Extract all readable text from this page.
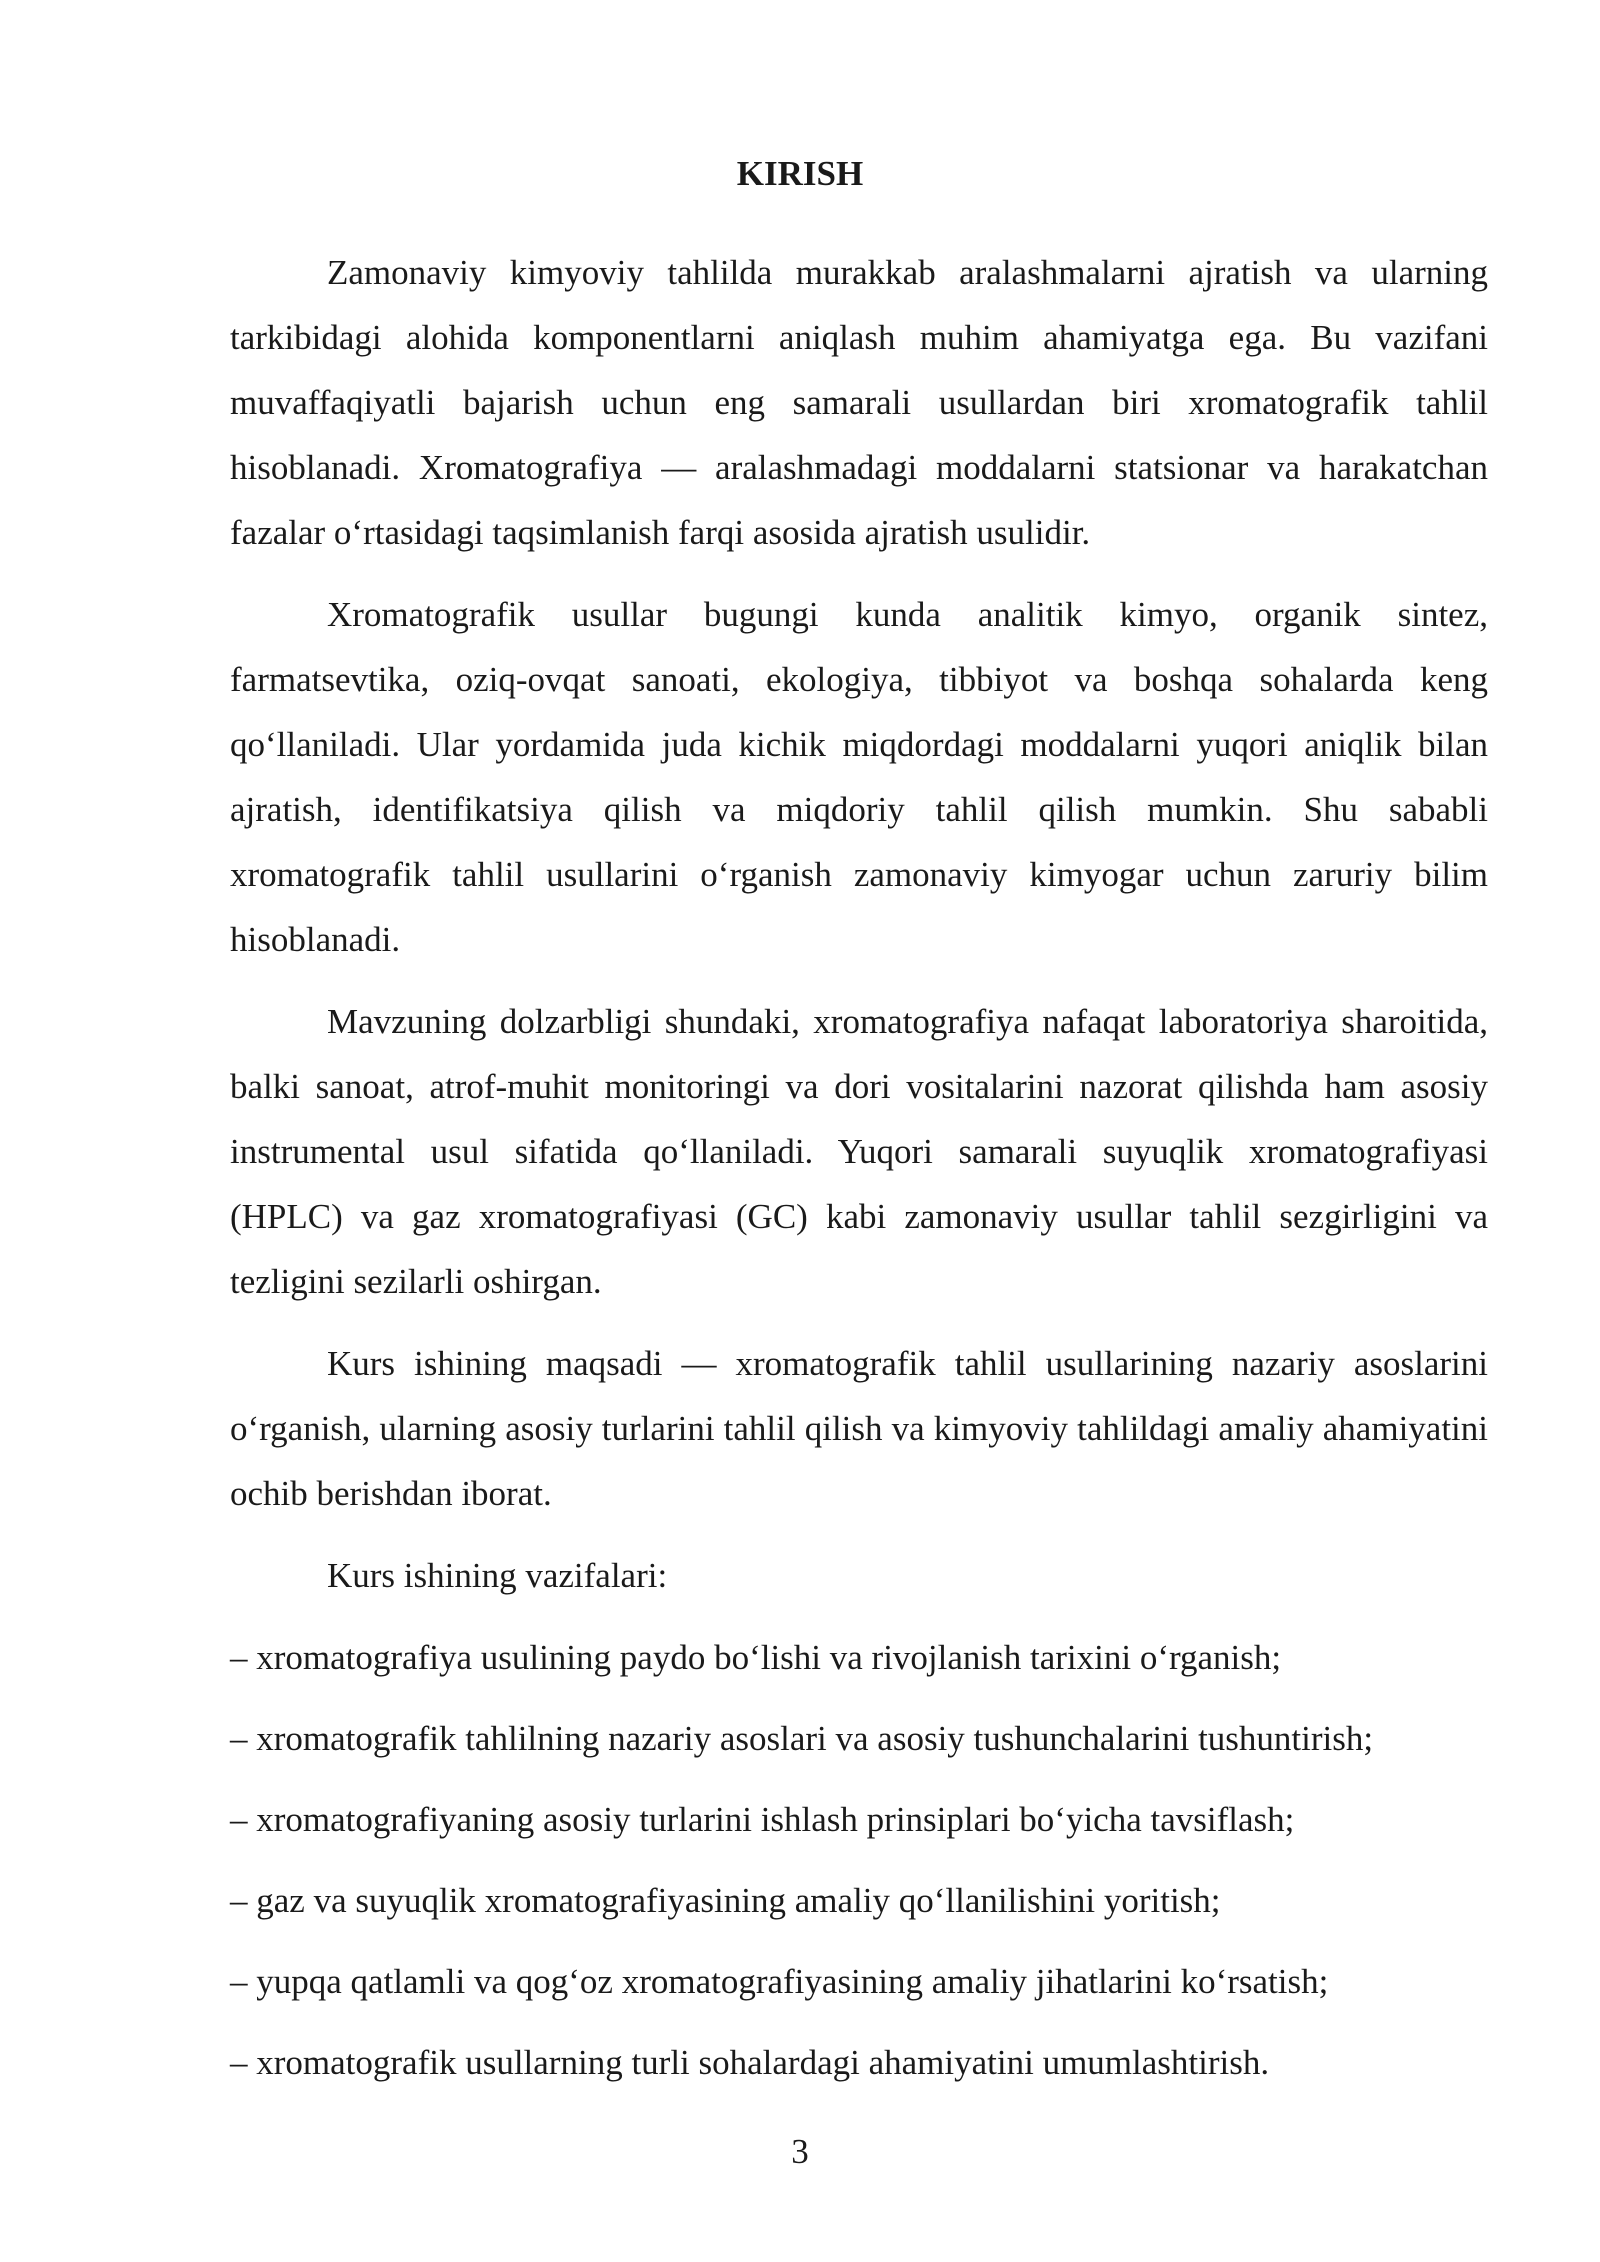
KIRISH

Zamonaviy kimyoviy tahlilda murakkab aralashmalarni ajratish va ularning tarkibidagi alohida komponentlarni aniqlash muhim ahamiyatga ega. Bu vazifani muvaffaqiyatli bajarish uchun eng samarali usullardan biri xromatografik tahlil hisoblanadi. Xromatografiya — aralashmadagi moddalarni statsionar va harakatchan fazalar o‘rtasidagi taqsimlanish farqi asosida ajratish usulidir.

Xromatografik usullar bugungi kunda analitik kimyo, organik sintez, farmatsevtika, oziq-ovqat sanoati, ekologiya, tibbiyot va boshqa sohalarda keng qo‘llaniladi. Ular yordamida juda kichik miqdordagi moddalarni yuqori aniqlik bilan ajratish, identifikatsiya qilish va miqdoriy tahlil qilish mumkin. Shu sababli xromatografik tahlil usullarini o‘rganish zamonaviy kimyogar uchun zaruriy bilim hisoblanadi.

Mavzuning dolzarbligi shundaki, xromatografiya nafaqat laboratoriya sharoitida, balki sanoat, atrof-muhit monitoringi va dori vositalarini nazorat qilishda ham asosiy instrumental usul sifatida qo‘llaniladi. Yuqori samarali suyuqlik xromatografiyasi (HPLC) va gaz xromatografiyasi (GC) kabi zamonaviy usullar tahlil sezgirligini va tezligini sezilarli oshirgan.

Kurs ishining maqsadi — xromatografik tahlil usullarining nazariy asoslarini o‘rganish, ularning asosiy turlarini tahlil qilish va kimyoviy tahlildagi amaliy ahamiyatini ochib berishdan iborat.

Kurs ishining vazifalari:

– xromatografiya usulining paydo bo‘lishi va rivojlanish tarixini o‘rganish;
– xromatografik tahlilning nazariy asoslari va asosiy tushunchalarini tushuntirish;
– xromatografiyaning asosiy turlarini ishlash prinsiplari bo‘yicha tavsiflash;
– gaz va suyuqlik xromatografiyasining amaliy qo‘llanilishini yoritish;
– yupqa qatlamli va qog‘oz xromatografiyasining amaliy jihatlarini ko‘rsatish;
– xromatografik usullarning turli sohalardagi ahamiyatini umumlashtirish.
3
